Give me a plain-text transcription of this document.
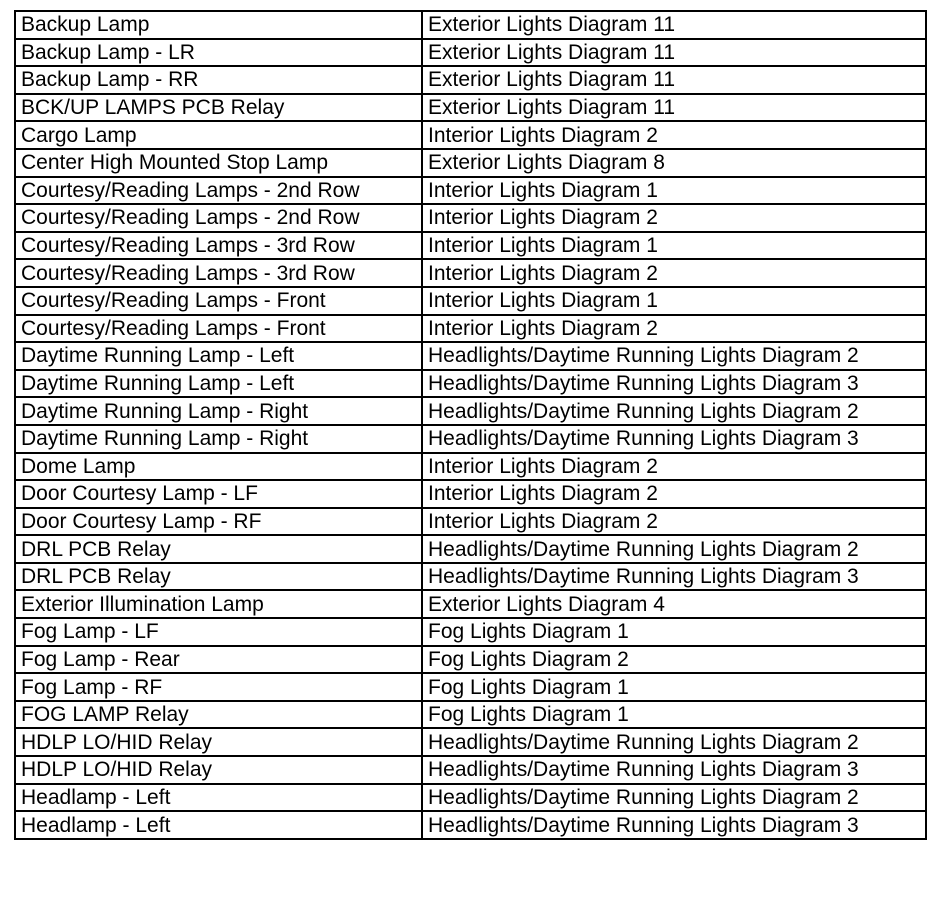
Backup Lamp	Exterior Lights Diagram 11
Backup Lamp - LR	Exterior Lights Diagram 11
Backup Lamp - RR	Exterior Lights Diagram 11
BCK/UP LAMPS PCB Relay	Exterior Lights Diagram 11
Cargo Lamp	Interior Lights Diagram 2
Center High Mounted Stop Lamp	Exterior Lights Diagram 8
Courtesy/Reading Lamps - 2nd Row	Interior Lights Diagram 1
Courtesy/Reading Lamps - 2nd Row	Interior Lights Diagram 2
Courtesy/Reading Lamps - 3rd Row	Interior Lights Diagram 1
Courtesy/Reading Lamps - 3rd Row	Interior Lights Diagram 2
Courtesy/Reading Lamps - Front	Interior Lights Diagram 1
Courtesy/Reading Lamps - Front	Interior Lights Diagram 2
Daytime Running Lamp - Left	Headlights/Daytime Running Lights Diagram 2
Daytime Running Lamp - Left	Headlights/Daytime Running Lights Diagram 3
Daytime Running Lamp - Right	Headlights/Daytime Running Lights Diagram 2
Daytime Running Lamp - Right	Headlights/Daytime Running Lights Diagram 3
Dome Lamp	Interior Lights Diagram 2
Door Courtesy Lamp - LF	Interior Lights Diagram 2
Door Courtesy Lamp - RF	Interior Lights Diagram 2
DRL PCB Relay	Headlights/Daytime Running Lights Diagram 2
DRL PCB Relay	Headlights/Daytime Running Lights Diagram 3
Exterior Illumination Lamp	Exterior Lights Diagram 4
Fog Lamp - LF	Fog Lights Diagram 1
Fog Lamp - Rear	Fog Lights Diagram 2
Fog Lamp - RF	Fog Lights Diagram 1
FOG LAMP Relay	Fog Lights Diagram 1
HDLP LO/HID Relay	Headlights/Daytime Running Lights Diagram 2
HDLP LO/HID Relay	Headlights/Daytime Running Lights Diagram 3
Headlamp - Left	Headlights/Daytime Running Lights Diagram 2
Headlamp - Left	Headlights/Daytime Running Lights Diagram 3
